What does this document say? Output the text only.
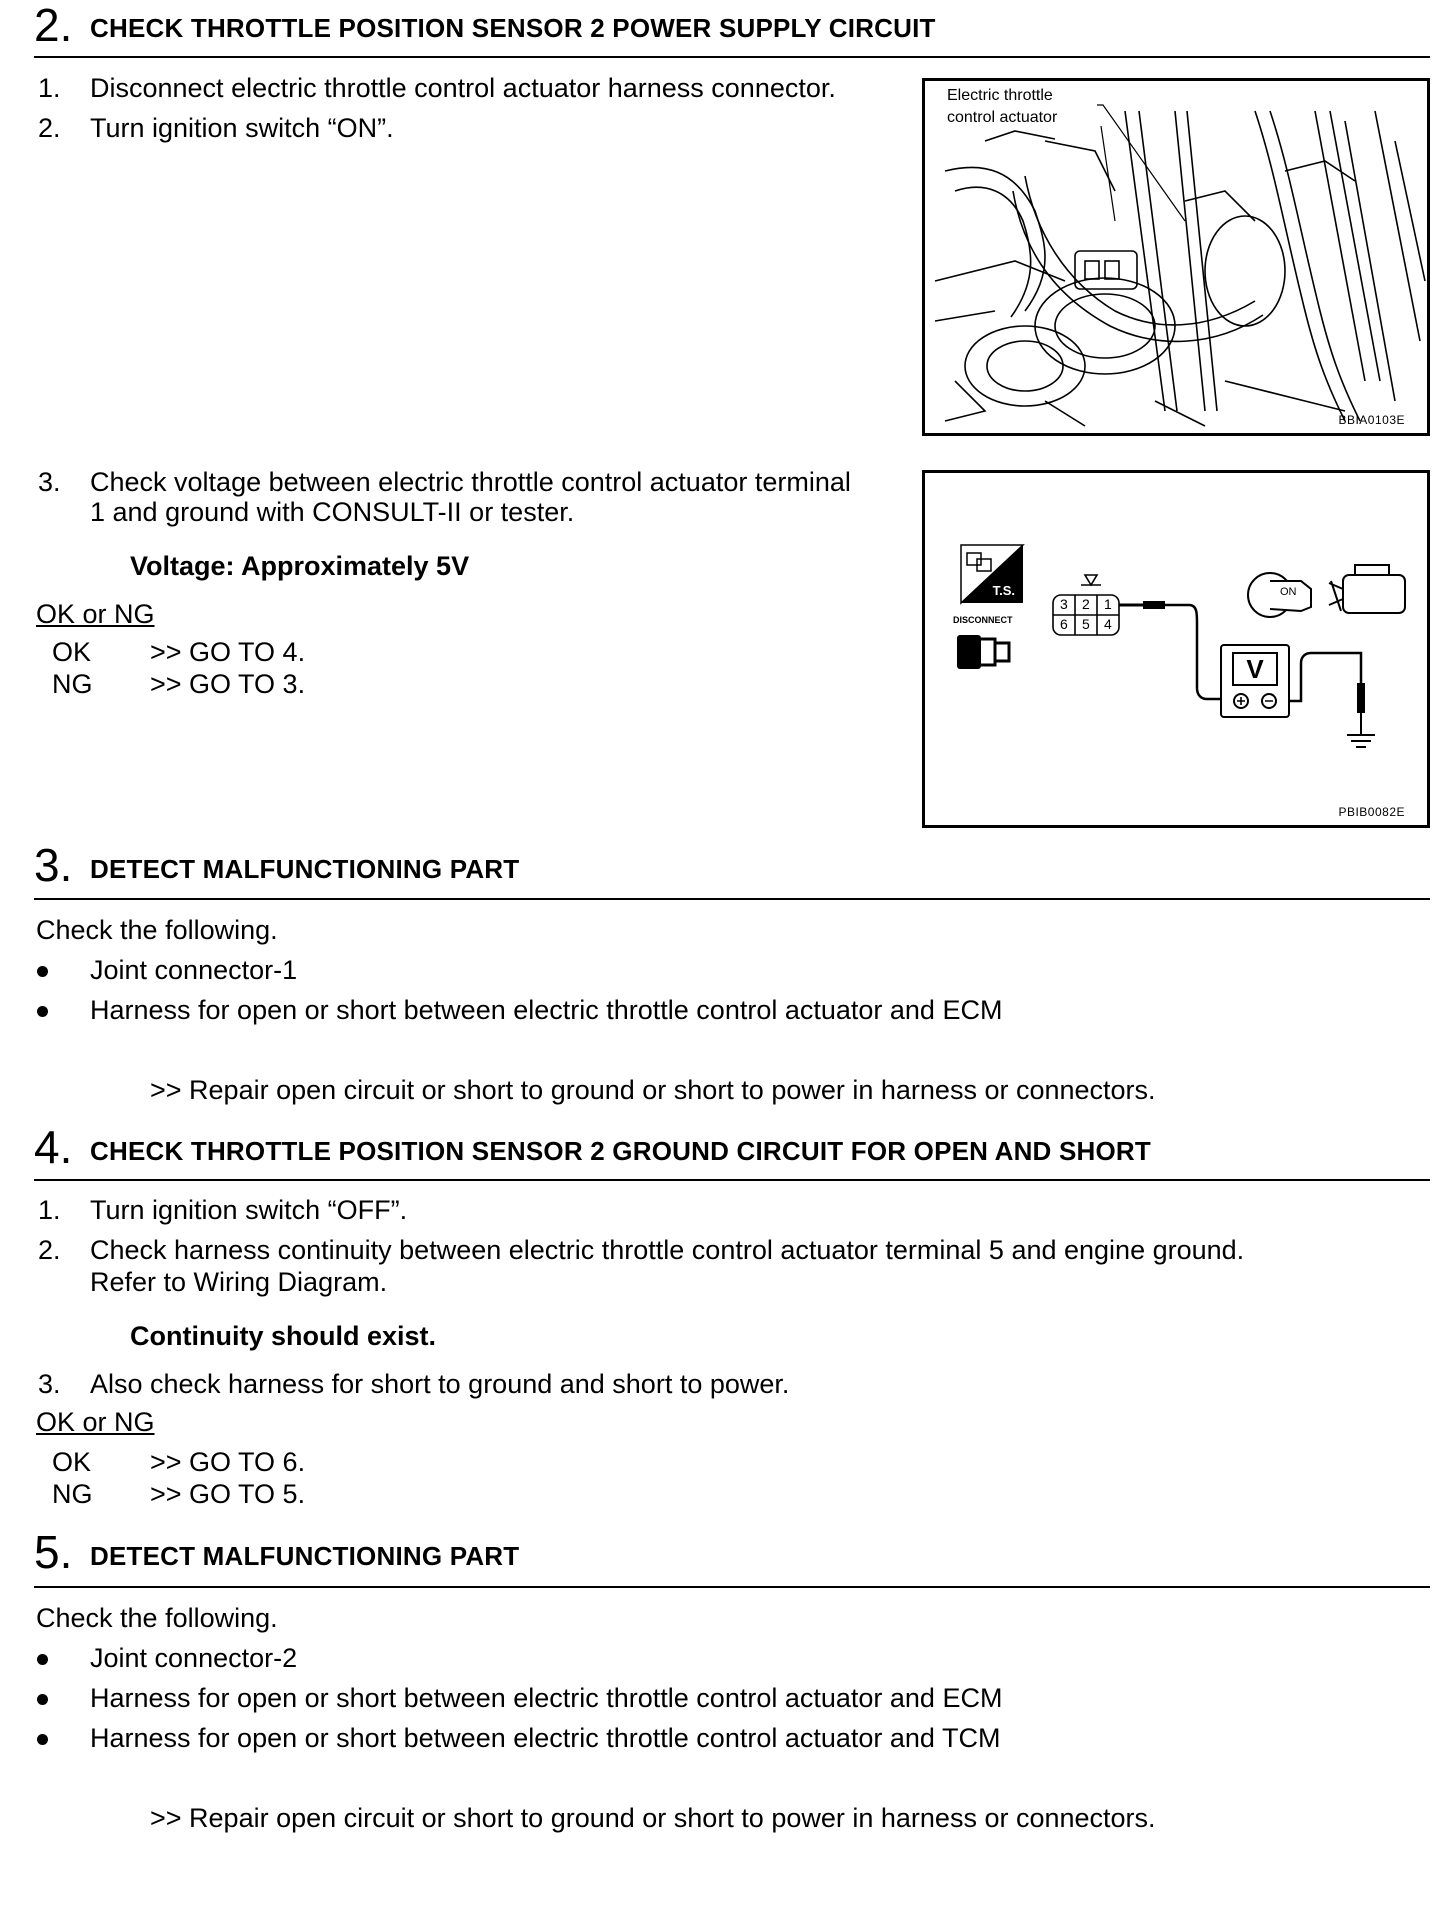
2. CHECK THROTTLE POSITION SENSOR 2 POWER SUPPLY CIRCUIT
1. Disconnect electric throttle control actuator harness connector.
2. Turn ignition switch “ON”.
Electric throttle
control actuator
BBIA0103E
3. Check voltage between electric throttle control actuator terminal
1 and ground with CONSULT-II or tester.
Voltage: Approximately 5V
OK or NG
OK >> GO TO 4.
NG >> GO TO 3.
T.S.
DISCONNECT
3 2 1
6 5 4
V
ON
PBIB0082E
3. DETECT MALFUNCTIONING PART
Check the following.
Joint connector-1
Harness for open or short between electric throttle control actuator and ECM
>> Repair open circuit or short to ground or short to power in harness or connectors.
4. CHECK THROTTLE POSITION SENSOR 2 GROUND CIRCUIT FOR OPEN AND SHORT
1. Turn ignition switch “OFF”.
2. Check harness continuity between electric throttle control actuator terminal 5 and engine ground.
Refer to Wiring Diagram.
Continuity should exist.
3. Also check harness for short to ground and short to power.
OK or NG
OK >> GO TO 6.
NG >> GO TO 5.
5. DETECT MALFUNCTIONING PART
Check the following.
Joint connector-2
Harness for open or short between electric throttle control actuator and ECM
Harness for open or short between electric throttle control actuator and TCM
>> Repair open circuit or short to ground or short to power in harness or connectors.
